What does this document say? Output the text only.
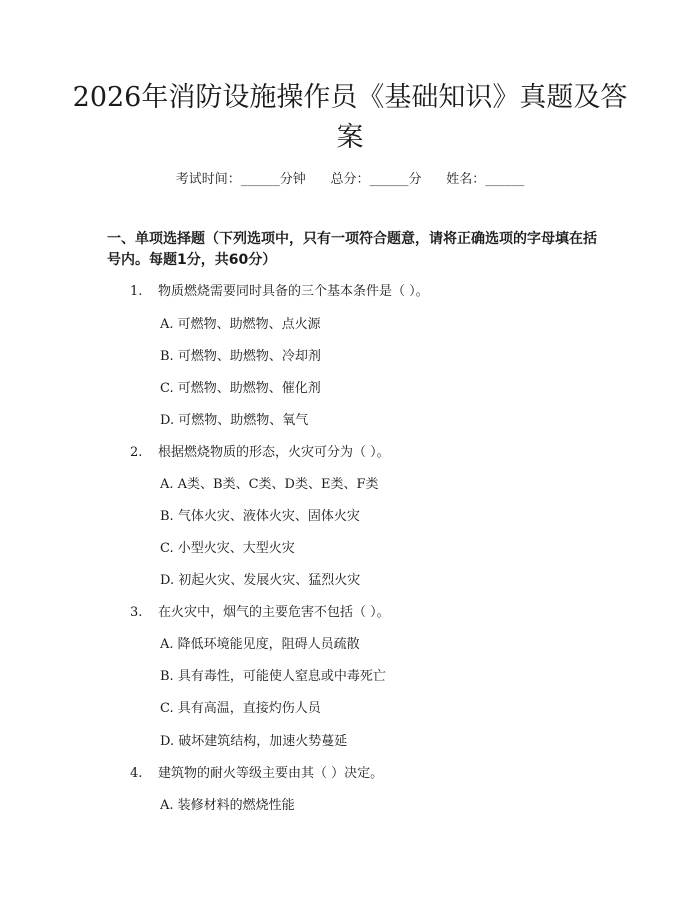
2026年消防设施操作员《基础知识》真题及答案
考试时间：______分钟      总分：______分      姓名：______
一、单项选择题（下列选项中，只有一项符合题意，请将正确选项的字母填在括号内。每题1分，共60分）
1. 物质燃烧需要同时具备的三个基本条件是（ ）。
A. 可燃物、助燃物、点火源
B. 可燃物、助燃物、冷却剂
C. 可燃物、助燃物、催化剂
D. 可燃物、助燃物、氧气
2. 根据燃烧物质的形态，火灾可分为（ ）。
A. A类、B类、C类、D类、E类、F类
B. 气体火灾、液体火灾、固体火灾
C. 小型火灾、大型火灾
D. 初起火灾、发展火灾、猛烈火灾
3. 在火灾中，烟气的主要危害不包括（ ）。
A. 降低环境能见度，阻碍人员疏散
B. 具有毒性，可能使人窒息或中毒死亡
C. 具有高温，直接灼伤人员
D. 破坏建筑结构，加速火势蔓延
4. 建筑物的耐火等级主要由其（ ）决定。
A. 装修材料的燃烧性能
